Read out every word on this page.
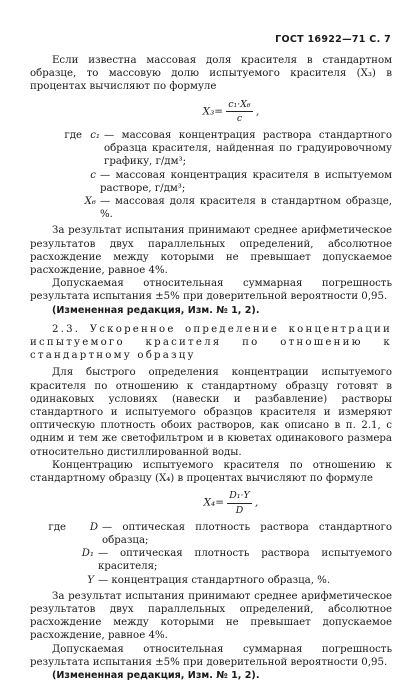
ГОСТ 16922—71 С. 7

Если известна массовая доля красителя в стандартном образце, то массовую долю испытуемого красителя (X₃) в процентах вычисляют по формуле

$X_3= \frac{\text{c₁·X₆}}{c}$ ,
где c₁ — массовая концентрация раствора стандартного образца красителя, найденная по градуировочному графику, г/дм³;
c — массовая концентрация красителя в испытуемом растворе, г/дм³;
X₆ — массовая доля красителя в стандартном образце, %.

За результат испытания принимают среднее арифметическое результатов двух параллельных определений, абсолютное расхождение между которыми не превышает допускаемое расхождение, равное 4%.

Допускаемая относительная суммарная погрешность результата испытания ±5% при доверительной вероятности 0,95.

(Измененная редакция, Изм. № 1, 2).

2.3. Ускоренное определение концентрации испытуемого красителя по отношению к стандартному образцу

Для быстрого определения концентрации испытуемого красителя по отношению к стандартному образцу готовят в одинаковых условиях (навески и разбавление) растворы стандартного и испытуемого образцов красителя и измеряют оптическую плотность обоих растворов, как описано в п. 2.1, с одним и тем же светофильтром и в кюветах одинакового размера относительно дистиллированной воды.

Концентрацию испытуемого красителя по отношению к стандартному образцу (X₄) в процентах вычисляют по формуле

$X_4= \frac{\text{D₁·Y}}{D}$ ,
где	D — оптическая плотность раствора стандартного образца;
D₁ — оптическая плотность раствора испытуемого красителя;
Y — концентрация стандартного образца, %.

За результат испытания принимают среднее арифметическое результатов двух параллельных определений, абсолютное расхождение между которыми не превышает допускаемое расхождение, равное 4%.

Допускаемая относительная суммарная погрешность результата испытания ±5% при доверительной вероятности 0,95.

(Измененная редакция, Изм. № 1, 2).
